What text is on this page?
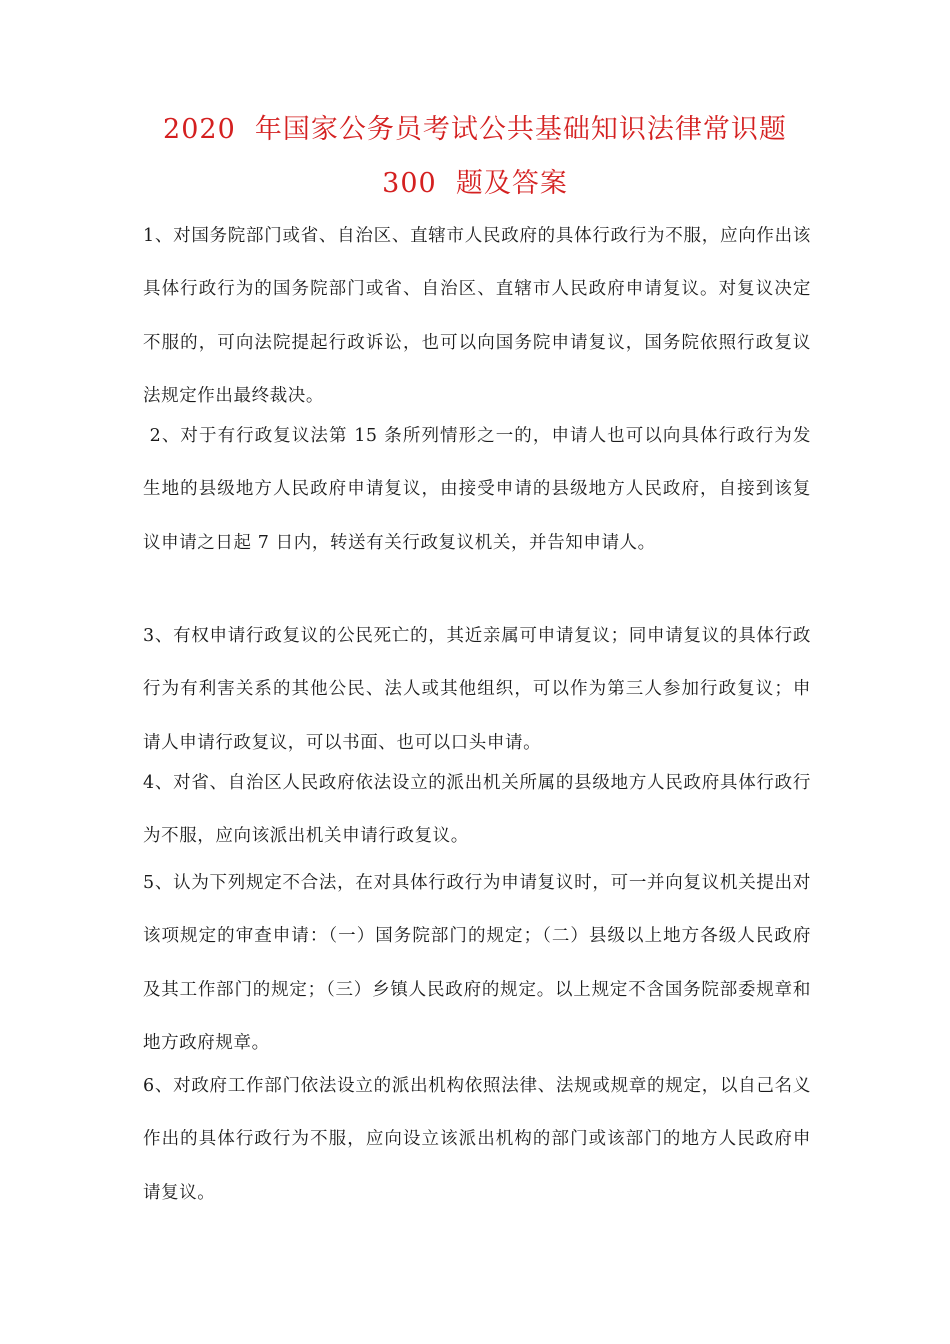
2020  年国家公务员考试公共基础知识法律常识题
300  题及答案

1、对国务院部门或省、自治区、直辖市人民政府的具体行政行为不服，应向作出该具体行政行为的国务院部门或省、自治区、直辖市人民政府申请复议。对复议决定不服的，可向法院提起行政诉讼，也可以向国务院申请复议，国务院依照行政复议法规定作出最终裁决。

2、对于有行政复议法第 15 条所列情形之一的，申请人也可以向具体行政行为发生地的县级地方人民政府申请复议，由接受申请的县级地方人民政府，自接到该复议申请之日起 7 日内，转送有关行政复议机关，并告知申请人。

3、有权申请行政复议的公民死亡的，其近亲属可申请复议；同申请复议的具体行政行为有利害关系的其他公民、法人或其他组织，可以作为第三人参加行政复议；申请人申请行政复议，可以书面、也可以口头申请。

4、对省、自治区人民政府依法设立的派出机关所属的县级地方人民政府具体行政行为不服，应向该派出机关申请行政复议。

5、认为下列规定不合法，在对具体行政行为申请复议时，可一并向复议机关提出对该项规定的审查申请：（一）国务院部门的规定；（二）县级以上地方各级人民政府及其工作部门的规定；（三）乡镇人民政府的规定。以上规定不含国务院部委规章和地方政府规章。

6、对政府工作部门依法设立的派出机构依照法律、法规或规章的规定，以自己名义作出的具体行政行为不服，应向设立该派出机构的部门或该部门的地方人民政府申请复议。
